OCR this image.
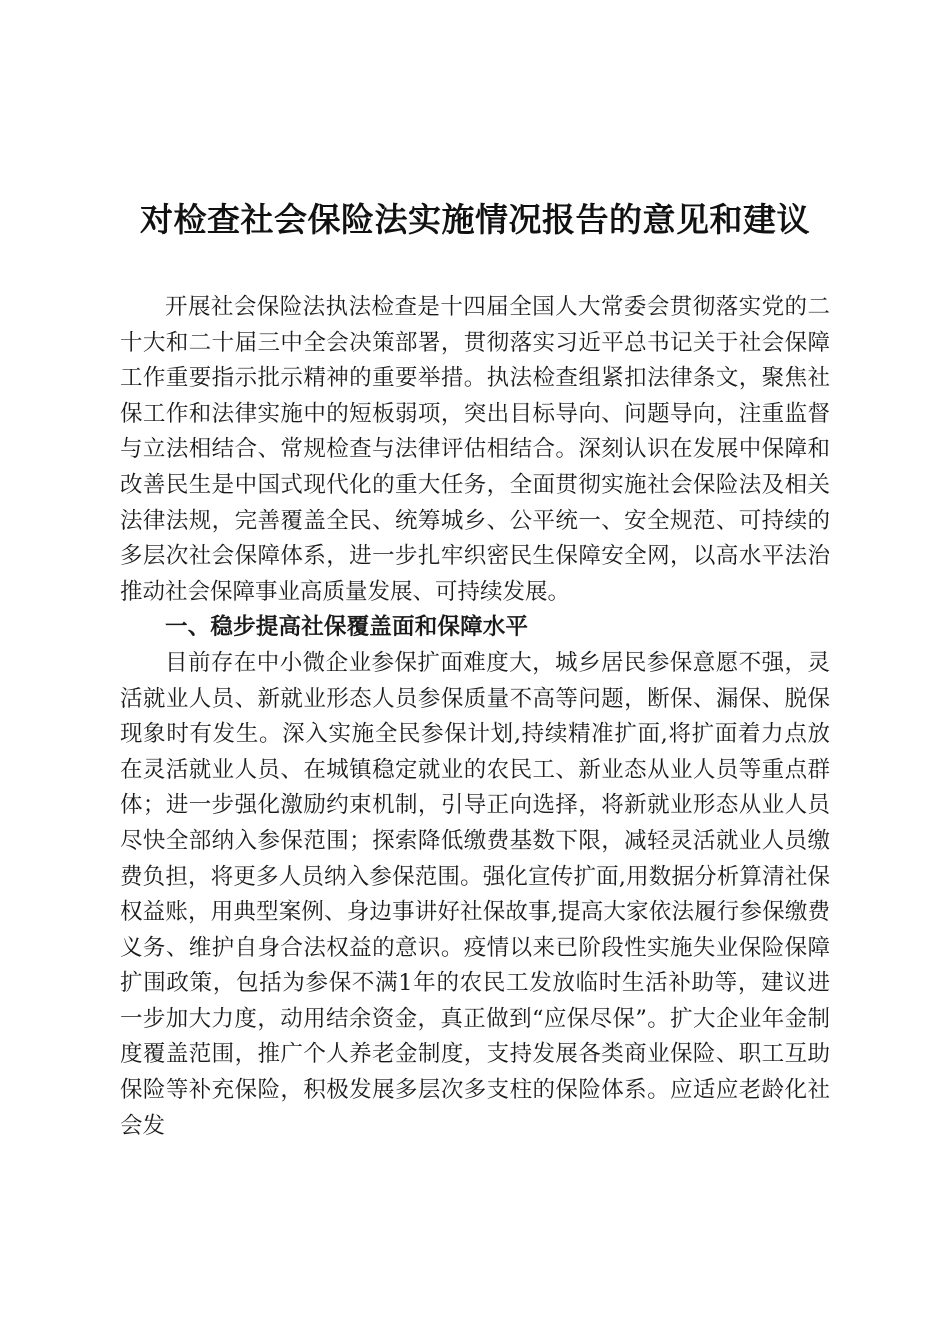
对检查社会保险法实施情况报告的意见和建议

开展社会保险法执法检查是十四届全国人大常委会贯彻落实党的二十大和二十届三中全会决策部署，贯彻落实习近平总书记关于社会保障工作重要指示批示精神的重要举措。执法检查组紧扣法律条文，聚焦社保工作和法律实施中的短板弱项，突出目标导向、问题导向，注重监督与立法相结合、常规检查与法律评估相结合。深刻认识在发展中保障和改善民生是中国式现代化的重大任务，全面贯彻实施社会保险法及相关法律法规，完善覆盖全民、统筹城乡、公平统一、安全规范、可持续的多层次社会保障体系，进一步扎牢织密民生保障安全网，以高水平法治推动社会保障事业高质量发展、可持续发展。

一、稳步提高社保覆盖面和保障水平

目前存在中小微企业参保扩面难度大，城乡居民参保意愿不强，灵活就业人员、新就业形态人员参保质量不高等问题，断保、漏保、脱保现象时有发生。深入实施全民参保计划,持续精准扩面,将扩面着力点放在灵活就业人员、在城镇稳定就业的农民工、新业态从业人员等重点群体；进一步强化激励约束机制，引导正向选择，将新就业形态从业人员尽快全部纳入参保范围；探索降低缴费基数下限，减轻灵活就业人员缴费负担，将更多人员纳入参保范围。强化宣传扩面,用数据分析算清社保权益账，用典型案例、身边事讲好社保故事,提高大家依法履行参保缴费义务、维护自身合法权益的意识。疫情以来已阶段性实施失业保险保障扩围政策，包括为参保不满1年的农民工发放临时生活补助等，建议进一步加大力度，动用结余资金，真正做到“应保尽保”。扩大企业年金制度覆盖范围，推广个人养老金制度，支持发展各类商业保险、职工互助保险等补充保险，积极发展多层次多支柱的保险体系。应适应老龄化社会发
